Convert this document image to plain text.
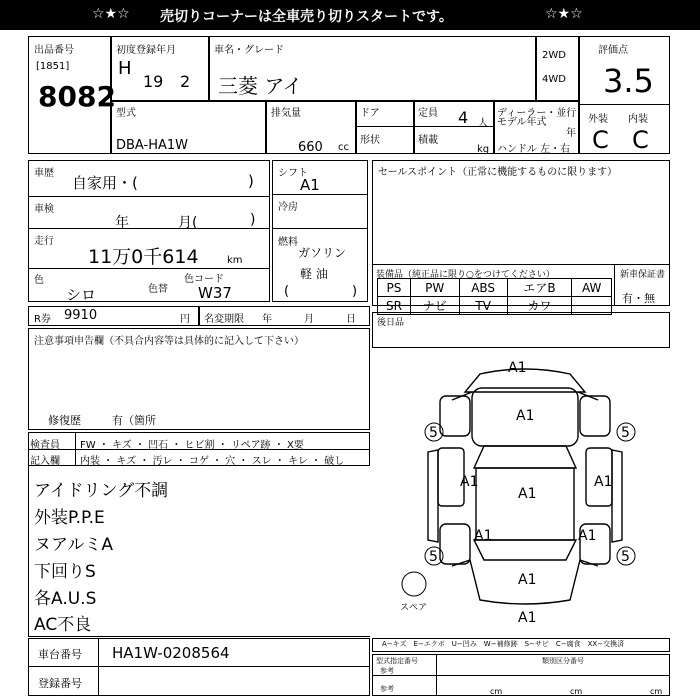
☆★☆ 売切りコーナーは全車売り切りスタートです。	☆★☆
出品番号
[1851]
8082
初度登録年月
H
19 2
車名・グレード
三菱 アイ
2WD
4WD
評価点
3.5
外装 内装
C C
型式
DBA-HA1W
排気量
660 cc
ドア
形状
定員 4 人
積載
kg
ディーラー・並行
モデル年式
年
ハンドル 左・右
車歴
自家用・(	)
車検
年	月(	)
走行
11万0千614	km
色
シロ	色替
色コード
W37
シフト
A1
冷房
燃料
ガソリン
軽 油
(	)
セールスポイント（正常に機能するものに限ります）
装備品（純正品に限り○をつけてください）	新車保証書
PS	PW	ABS	エアB	AW
SR	ナビ	TV	カワ	
有・無
R券 9910	円 名変期限 年	月	日
注意事項申告欄（不具合内容等は具体的に記入して下さい）
修復歴	有（箇所
後日品
検査員
記入欄
FW ・ キズ ・ 凹石 ・ ヒビ割 ・ リペア跡 ・ X要
内装 ・ キズ ・ 汚レ ・ コゲ ・ 穴 ・ スレ ・ キレ ・ 破し
アイドリング不調
外装P.P.E
ヌアルミA
下回りS
各A.U.S
AC不良
車台番号 HA1W-0208564
登録番号
A1
A1
A1
A1
A1
A1	A1
A1
A1
5	5
5	5
スペア
A−キズ　E−エクボ　U−凹み　W−補修跡　S−サビ　C−腐食　XX−交換済
型式指定番号	類別区分番号
参考
参考	cm	cm	cm
